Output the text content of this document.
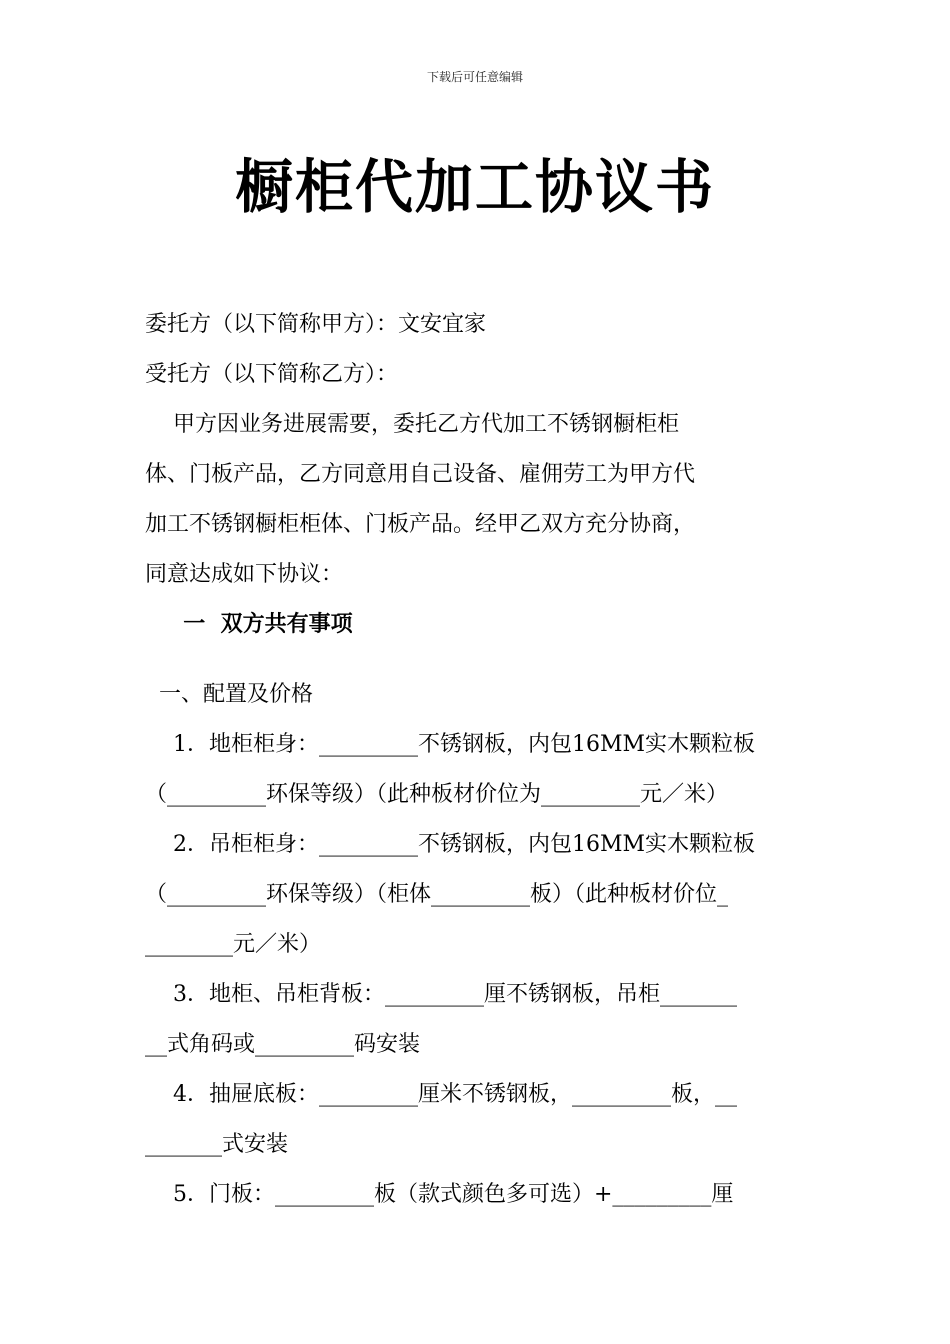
下载后可任意编辑
橱柜代加工协议书
委托方（以下简称甲方）：文安宜家
受托方（以下简称乙方）：
甲方因业务进展需要，委托乙方代加工不锈钢橱柜柜
体、门板产品，乙方同意用自己设备、雇佣劳工为甲方代
加工不锈钢橱柜柜体、门板产品。经甲乙双方充分协商，
同意达成如下协议：
一  双方共有事项
一、配置及价格
1．地柜柜身：_________不锈钢板，内包16MM实木颗粒板
（_________环保等级）（此种板材价位为_________元／米）
2．吊柜柜身：_________不锈钢板，内包16MM实木颗粒板
（_________环保等级）（柜体_________板）（此种板材价位_
________元／米）
3．地柜、吊柜背板：_________厘不锈钢板，吊柜_______
__式角码或_________码安装
4．抽屉底板：_________厘米不锈钢板，_________板，__
_______式安装
5．门板：_________板（款式颜色多可选）+_________厘
